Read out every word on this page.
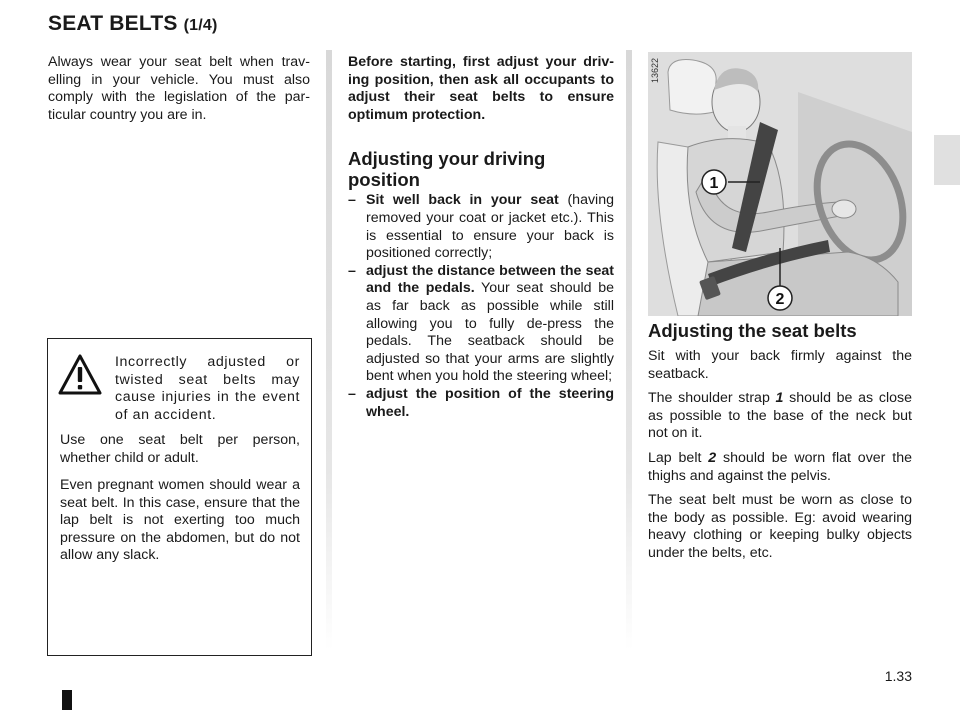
SEAT BELTS (1/4)
Always wear your seat belt when trav-elling in your vehicle. You must also comply with the legislation of the par-ticular country you are in.
Incorrectly adjusted or twisted seat belts may cause injuries in the event of an accident.
Use one seat belt per person, whether child or adult.
Even pregnant women should wear a seat belt. In this case, ensure that the lap belt is not exerting too much pressure on the abdomen, but do not allow any slack.

Before starting, first adjust your driv-ing position, then ask all occupants to adjust their seat belts to ensure optimum protection.

Adjusting your driving position
– Sit well back in your seat (having removed your coat or jacket etc.). This is essential to ensure your back is positioned correctly;
– adjust the distance between the seat and the pedals. Your seat should be as far back as possible while still allowing you to fully de-press the pedals. The seatback should be adjusted so that your arms are slightly bent when you hold the steering wheel;
– adjust the position of the steering wheel.
1
2
13622
Adjusting the seat belts

Sit with your back firmly against the seatback.

The shoulder strap 1 should be as close as possible to the base of the neck but not on it.

Lap belt 2 should be worn flat over the thighs and against the pelvis.

The seat belt must be worn as close to the body as possible. Eg: avoid wearing heavy clothing or keeping bulky objects under the belts, etc.

1.33
